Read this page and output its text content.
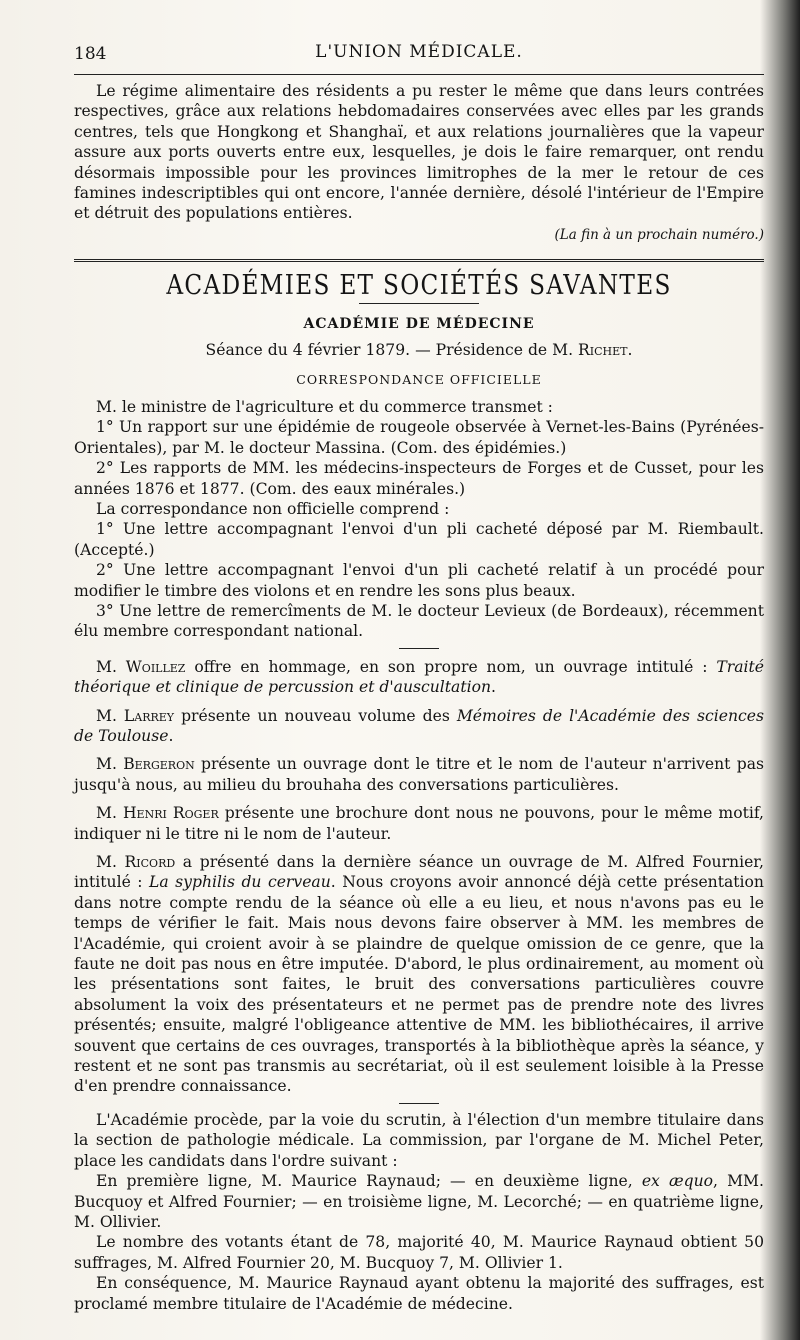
184	L'UNION MÉDICALE.

Le régime alimentaire des résidents a pu rester le même que dans leurs contrées respectives, grâce aux relations hebdomadaires conservées avec elles par les grands centres, tels que Hongkong et Shanghaï, et aux relations journalières que la vapeur assure aux ports ouverts entre eux, lesquelles, je dois le faire remarquer, ont rendu désormais impossible pour les provinces limitrophes de la mer le retour de ces famines indescriptibles qui ont encore, l'année dernière, désolé l'intérieur de l'Empire et détruit des populations entières.

(La fin à un prochain numéro.)

ACADÉMIES ET SOCIÉTÉS SAVANTES
ACADÉMIE DE MÉDECINE
Séance du 4 février 1879. — Présidence de M. Richet.
CORRESPONDANCE OFFICIELLE

M. le ministre de l'agriculture et du commerce transmet :

1° Un rapport sur une épidémie de rougeole observée à Vernet-les-Bains (Pyrénées-Orientales), par M. le docteur Massina. (Com. des épidémies.)

2° Les rapports de MM. les médecins-inspecteurs de Forges et de Cusset, pour les années 1876 et 1877. (Com. des eaux minérales.)

La correspondance non officielle comprend :

1° Une lettre accompagnant l'envoi d'un pli cacheté déposé par M. Riembault. (Accepté.)

2° Une lettre accompagnant l'envoi d'un pli cacheté relatif à un procédé pour modifier le timbre des violons et en rendre les sons plus beaux.

3° Une lettre de remercîments de M. le docteur Levieux (de Bordeaux), récemment élu membre correspondant national.

M. Woillez offre en hommage, en son propre nom, un ouvrage intitulé : Traité théorique et clinique de percussion et d'auscultation.

M. Larrey présente un nouveau volume des Mémoires de l'Académie des sciences de Toulouse.

M. Bergeron présente un ouvrage dont le titre et le nom de l'auteur n'arrivent pas jusqu'à nous, au milieu du brouhaha des conversations particulières.

M. Henri Roger présente une brochure dont nous ne pouvons, pour le même motif, indiquer ni le titre ni le nom de l'auteur.

M. Ricord a présenté dans la dernière séance un ouvrage de M. Alfred Fournier, intitulé : La syphilis du cerveau. Nous croyons avoir annoncé déjà cette présentation dans notre compte rendu de la séance où elle a eu lieu, et nous n'avons pas eu le temps de vérifier le fait. Mais nous devons faire observer à MM. les membres de l'Académie, qui croient avoir à se plaindre de quelque omission de ce genre, que la faute ne doit pas nous en être imputée. D'abord, le plus ordinairement, au moment où les présentations sont faites, le bruit des conversations particulières couvre absolument la voix des présentateurs et ne permet pas de prendre note des livres présentés; ensuite, malgré l'obligeance attentive de MM. les bibliothécaires, il arrive souvent que certains de ces ouvrages, transportés à la bibliothèque après la séance, y restent et ne sont pas transmis au secrétariat, où il est seulement loisible à la Presse d'en prendre connaissance.

L'Académie procède, par la voie du scrutin, à l'élection d'un membre titulaire dans la section de pathologie médicale. La commission, par l'organe de M. Michel Peter, place les candidats dans l'ordre suivant :

En première ligne, M. Maurice Raynaud; — en deuxième ligne, ex æquo, MM. Bucquoy et Alfred Fournier; — en troisième ligne, M. Lecorché; — en quatrième ligne, M. Ollivier.

Le nombre des votants étant de 78, majorité 40, M. Maurice Raynaud obtient 50 suffrages, M. Alfred Fournier 20, M. Bucquoy 7, M. Ollivier 1.

En conséquence, M. Maurice Raynaud ayant obtenu la majorité des suffrages, est proclamé membre titulaire de l'Académie de médecine.
